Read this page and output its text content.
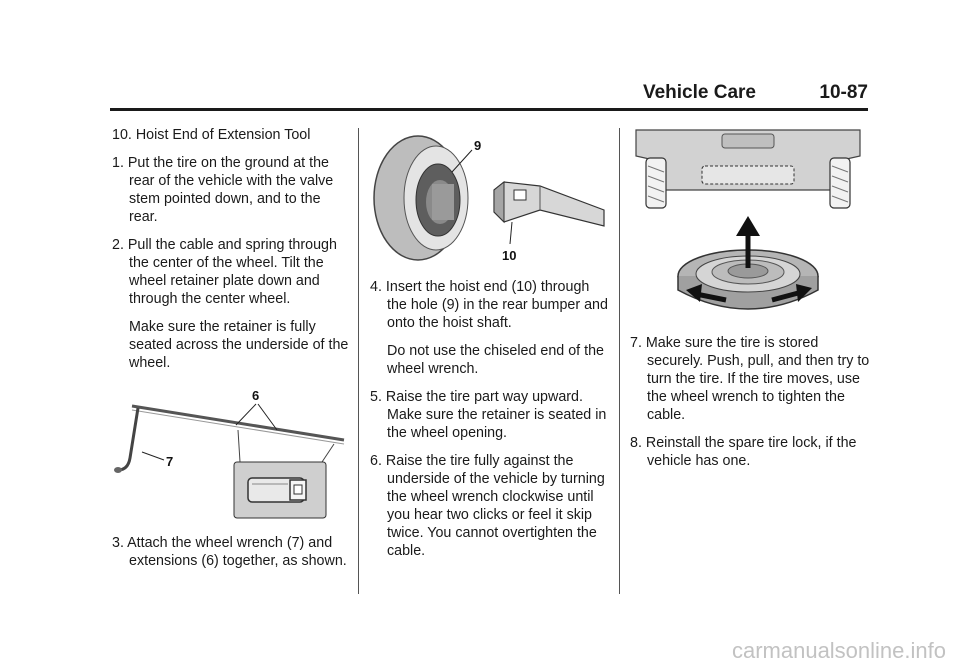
Vehicle Care	10-87

10. Hoist End of Extension Tool

1. Put the tire on the ground at the rear of the vehicle with the valve stem pointed down, and to the rear.

2. Pull the cable and spring through the center of the wheel. Tilt the wheel retainer plate down and through the center wheel.

Make sure the retainer is fully seated across the underside of the wheel.

6
7

3. Attach the wheel wrench (7) and extensions (6) together, as shown.

9
10

4. Insert the hoist end (10) through the hole (9) in the rear bumper and onto the hoist shaft.

Do not use the chiseled end of the wheel wrench.

5. Raise the tire part way upward. Make sure the retainer is seated in the wheel opening.

6. Raise the tire fully against the underside of the vehicle by turning the wheel wrench clockwise until you hear two clicks or feel it skip twice. You cannot overtighten the cable.

7. Make sure the tire is stored securely. Push, pull, and then try to turn the tire. If the tire moves, use the wheel wrench to tighten the cable.

8. Reinstall the spare tire lock, if the vehicle has one.

carmanualsonline.info
